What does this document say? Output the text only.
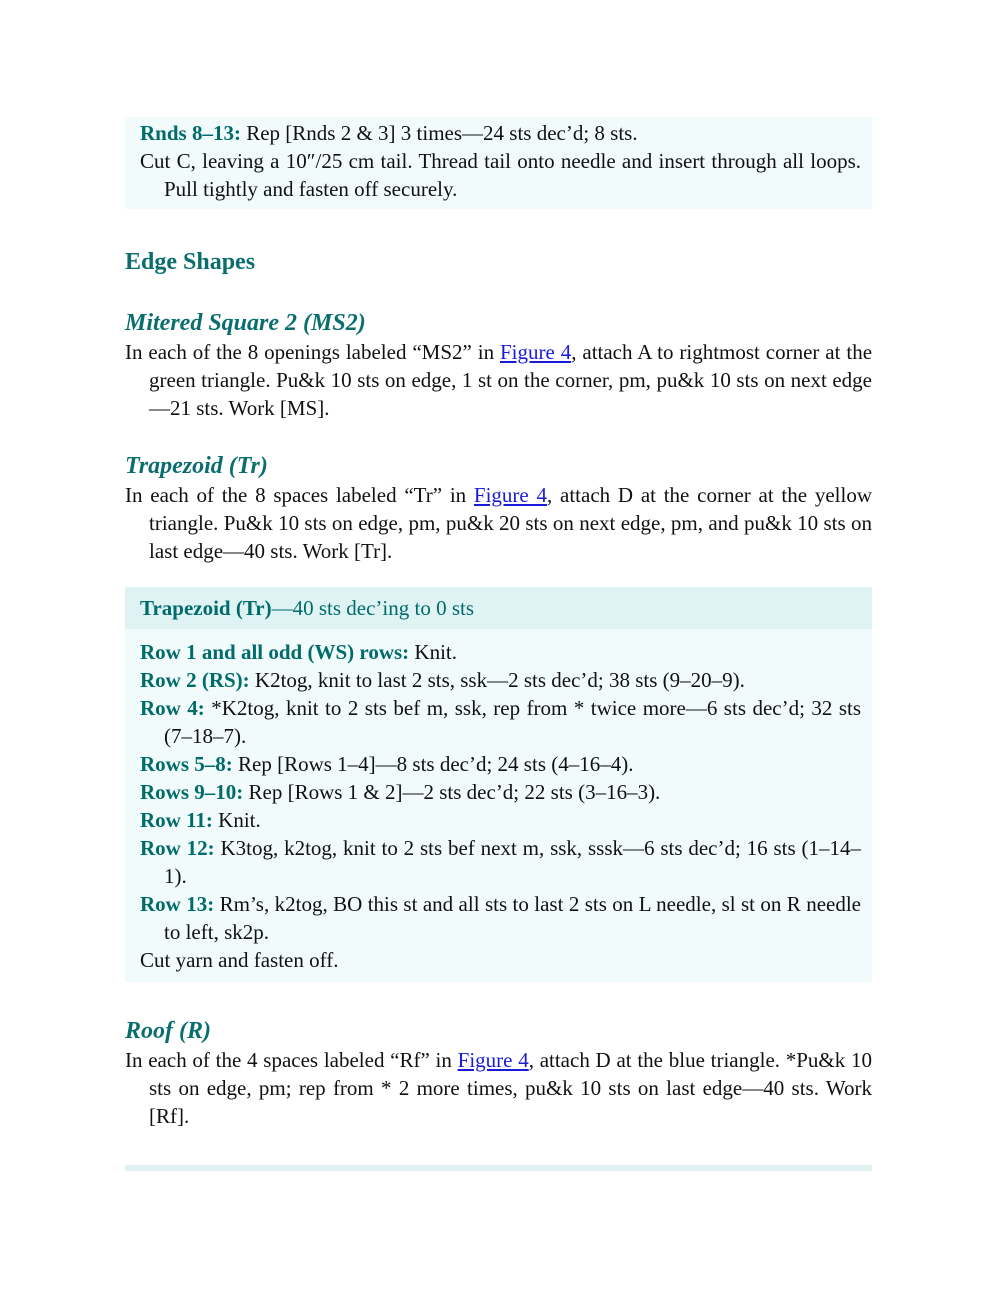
Rnds 8–13: Rep [Rnds 2 & 3] 3 times—24 sts dec’d; 8 sts.

Cut C, leaving a 10″/25 cm tail. Thread tail onto needle and insert through all loops. Pull tightly and fasten off securely.

Edge Shapes
Mitered Square 2 (MS2)

In each of the 8 openings labeled “MS2” in Figure 4, attach A to rightmost corner at the green triangle. Pu&k 10 sts on edge, 1 st on the corner, pm, pu&k 10 sts on next edge—21 sts. Work [MS].

Trapezoid (Tr)

In each of the 8 spaces labeled “Tr” in Figure 4, attach D at the corner at the yellow triangle. Pu&k 10 sts on edge, pm, pu&k 20 sts on next edge, pm, and pu&k 10 sts on last edge—40 sts. Work [Tr].

Trapezoid (Tr)—40 sts dec’ing to 0 sts

Row 1 and all odd (WS) rows: Knit.

Row 2 (RS): K2tog, knit to last 2 sts, ssk—2 sts dec’d; 38 sts (9–20–9).

Row 4: *K2tog, knit to 2 sts bef m, ssk, rep from * twice more—6 sts dec’d; 32 sts (7–18–7).

Rows 5–8: Rep [Rows 1–4]—8 sts dec’d; 24 sts (4–16–4).

Rows 9–10: Rep [Rows 1 & 2]—2 sts dec’d; 22 sts (3–16–3).

Row 11: Knit.

Row 12: K3tog, k2tog, knit to 2 sts bef next m, ssk, sssk—6 sts dec’d; 16 sts (1–14–1).

Row 13: Rm’s, k2tog, BO this st and all sts to last 2 sts on L needle, sl st on R needle to left, sk2p.

Cut yarn and fasten off.

Roof (R)

In each of the 4 spaces labeled “Rf” in Figure 4, attach D at the blue triangle. *Pu&k 10 sts on edge, pm; rep from * 2 more times, pu&k 10 sts on last edge—40 sts. Work [Rf].
